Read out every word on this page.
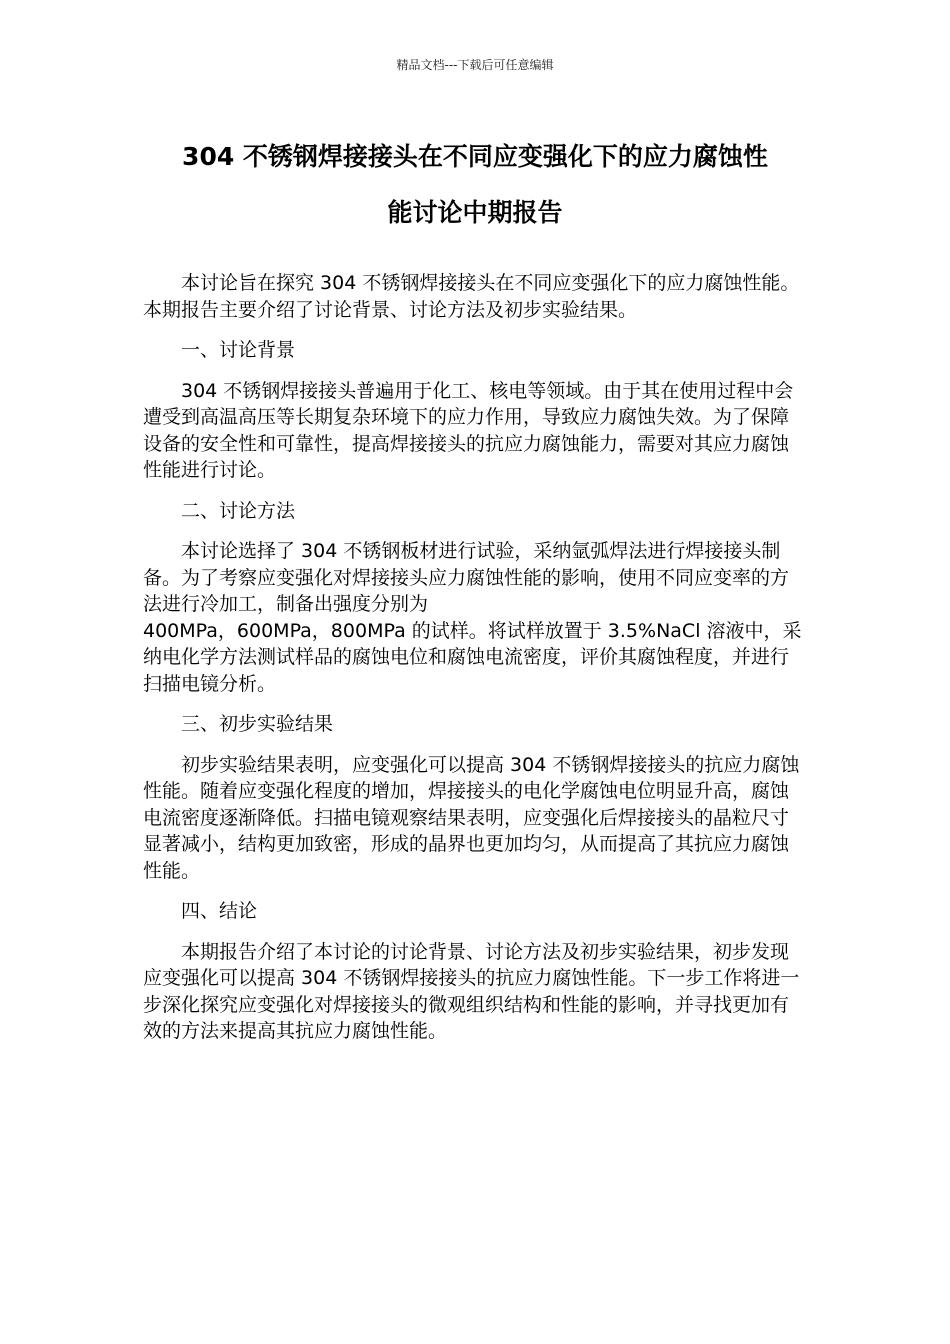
精品文档---下载后可任意编辑
304 不锈钢焊接接头在不同应变强化下的应力腐蚀性
能讨论中期报告

本讨论旨在探究 304 不锈钢焊接接头在不同应变强化下的应力腐蚀性能。本期报告主要介绍了讨论背景、讨论方法及初步实验结果。

一、讨论背景

304 不锈钢焊接接头普遍用于化工、核电等领域。由于其在使用过程中会遭受到高温高压等长期复杂环境下的应力作用，导致应力腐蚀失效。为了保障设备的安全性和可靠性，提高焊接接头的抗应力腐蚀能力，需要对其应力腐蚀性能进行讨论。

二、讨论方法

本讨论选择了 304 不锈钢板材进行试验，采纳氩弧焊法进行焊接接头制备。为了考察应变强化对焊接接头应力腐蚀性能的影响，使用不同应变率的方法进行冷加工，制备出强度分别为

400MPa，600MPa，800MPa 的试样。将试样放置于 3.5%NaCl 溶液中，采纳电化学方法测试样品的腐蚀电位和腐蚀电流密度，评价其腐蚀程度，并进行扫描电镜分析。

三、初步实验结果

初步实验结果表明，应变强化可以提高 304 不锈钢焊接接头的抗应力腐蚀性能。随着应变强化程度的增加，焊接接头的电化学腐蚀电位明显升高，腐蚀电流密度逐渐降低。扫描电镜观察结果表明，应变强化后焊接接头的晶粒尺寸显著减小，结构更加致密，形成的晶界也更加均匀，从而提高了其抗应力腐蚀性能。

四、结论

本期报告介绍了本讨论的讨论背景、讨论方法及初步实验结果，初步发现应变强化可以提高 304 不锈钢焊接接头的抗应力腐蚀性能。下一步工作将进一步深化探究应变强化对焊接接头的微观组织结构和性能的影响，并寻找更加有效的方法来提高其抗应力腐蚀性能。
